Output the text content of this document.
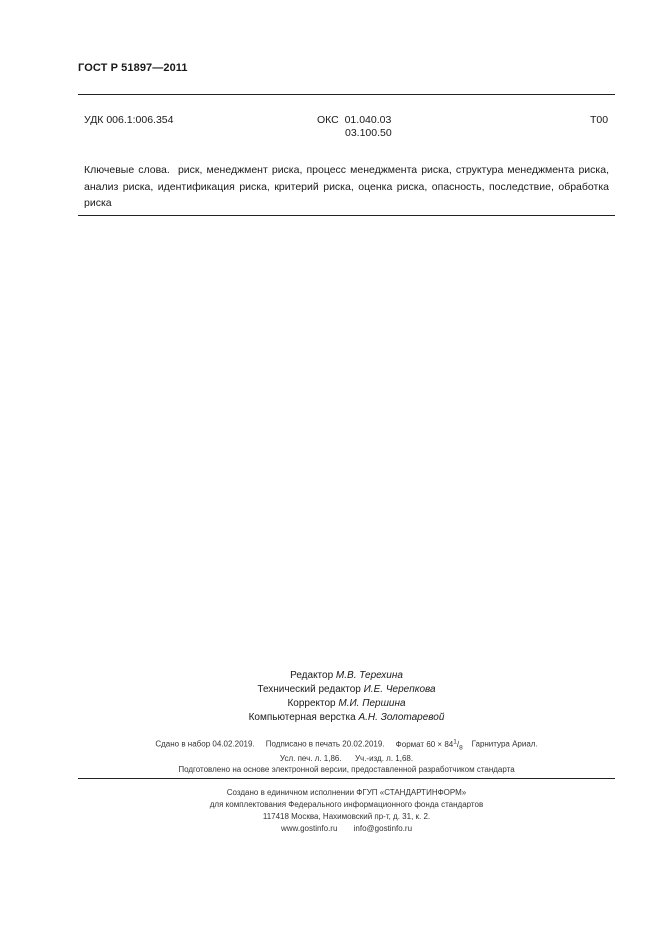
ГОСТ Р 51897—2011
УДК 006.1:006.354	ОКС 01.040.03
03.100.50
Т00
Ключевые слова. риск, менеджмент риска, процесс менеджмента риска, структура менеджмента риска, анализ риска, идентификация риска, критерий риска, оценка риска, опасность, последствие, обработка риска
Редактор М.В. Терехина
Технический редактор И.Е. Черепкова
Корректор М.И. Першина
Компьютерная верстка А.Н. Золотаревой
Сдано в набор 04.02.2019. Подписано в печать 20.02.2019. Формат $60 \times 84^1/_8$ Гарнитура Ариал.
Усл. печ. л. 1,86. Уч.-изд. л. 1,68.
Подготовлено на основе электронной версии, предоставленной разработчиком стандарта
Создано в единичном исполнении ФГУП «СТАНДАРТИНФОРМ»
для комплектования Федерального информационного фонда стандартов
117418 Москва, Нахимовский пр-т, д. 31, к. 2.
www.gostinfo.ru info@gostinfo.ru
